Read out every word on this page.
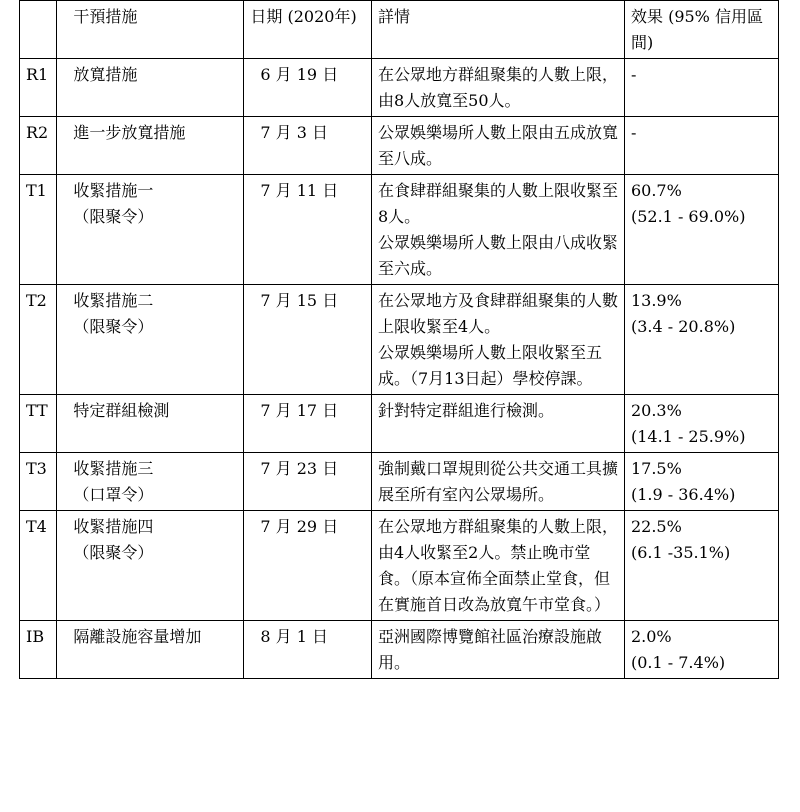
	干預措施	日期 (2020年)	詳情	效果 (95% 信用區間)
R1	放寬措施	6 月 19 日	在公眾地方群組聚集的人數上限，由8人放寬至50人。	-

R2	進一步放寬措施	7 月 3 日	公眾娛樂場所人數上限由五成放寬至八成。	-

T1	收緊措施一
（限聚令）	7 月 11 日	在食肆群組聚集的人數上限收緊至8人。
公眾娛樂場所人數上限由八成收緊至六成。	60.7%
(52.1 - 69.0%)

T2	收緊措施二
（限聚令）	7 月 15 日	在公眾地方及食肆群組聚集的人數上限收緊至4人。
公眾娛樂場所人數上限收緊至五成。（7月13日起）學校停課。	13.9%
(3.4 - 20.8%)

TT	特定群組檢測	7 月 17 日	針對特定群組進行檢測。	20.3%
(14.1 - 25.9%)

T3	收緊措施三
（口罩令）	7 月 23 日	強制戴口罩規則從公共交通工具擴展至所有室內公眾場所。	17.5%
(1.9 - 36.4%)

T4	收緊措施四
（限聚令）	7 月 29 日	在公眾地方群組聚集的人數上限，由4人收緊至2人。禁止晚市堂食。（原本宣佈全面禁止堂食，但在實施首日改為放寬午市堂食。）	22.5%
(6.1 -35.1%)

IB	隔離設施容量增加	8 月 1 日	亞洲國際博覽館社區治療設施啟用。	2.0%
(0.1 - 7.4%)
